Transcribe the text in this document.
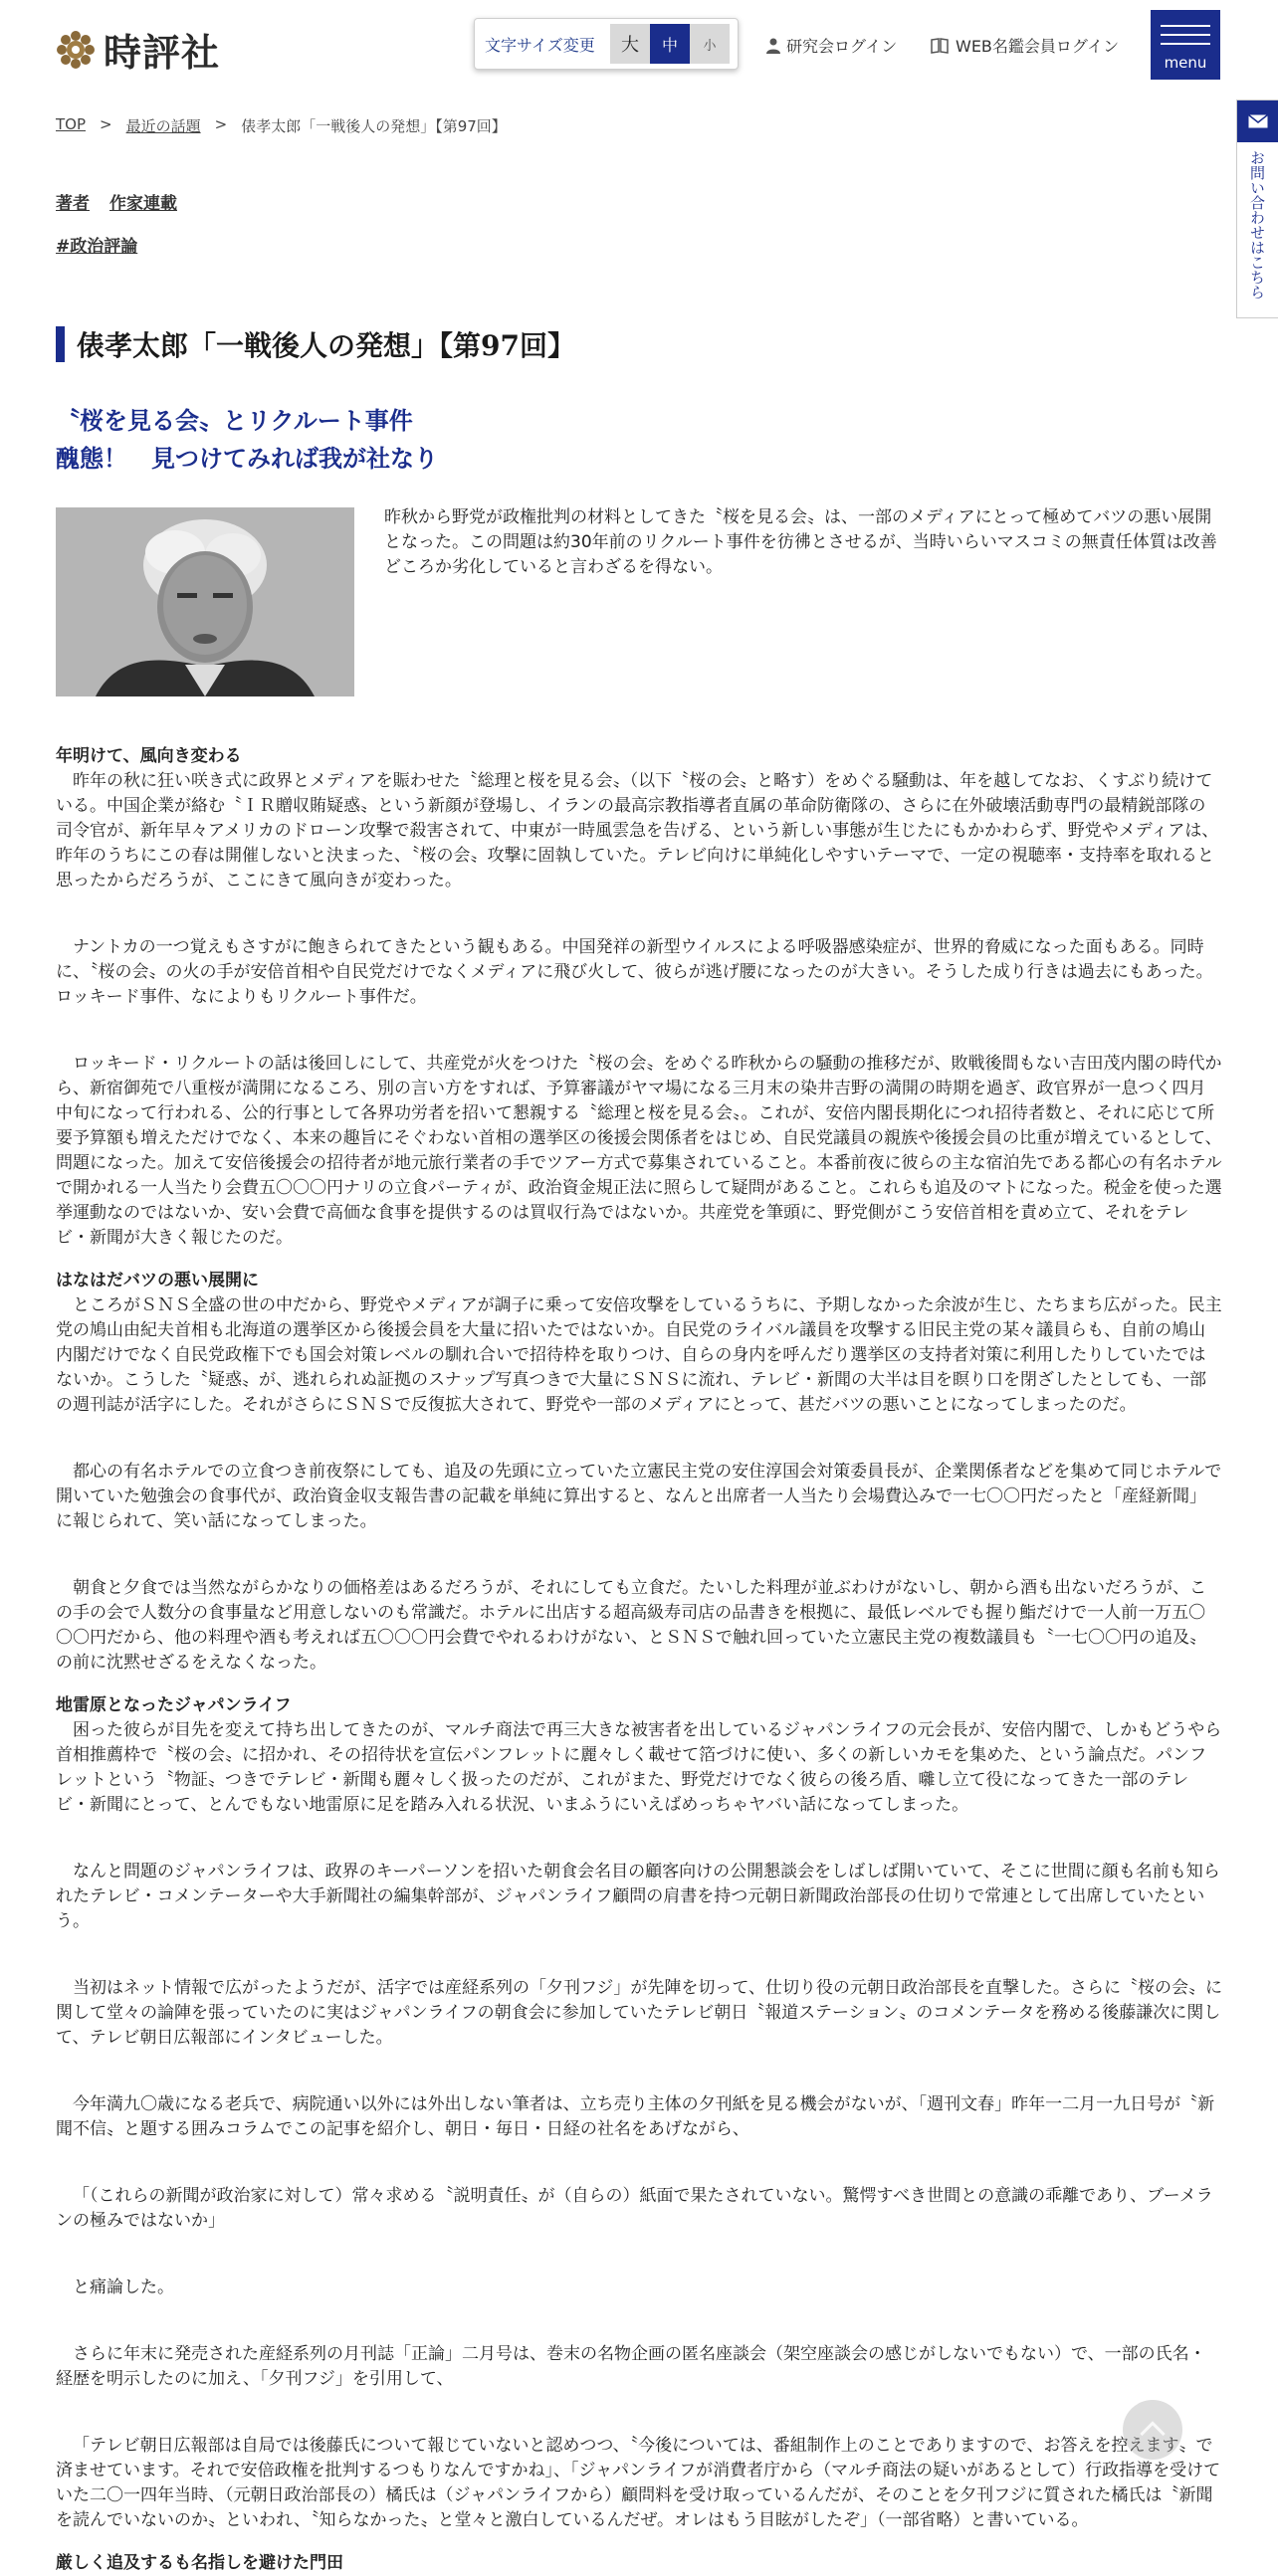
時評社	文字サイズ変更	大	中	小	研究会ログイン	WEB名鑑会員ログイン
menu
お問い合わせはこちら
TOP > 最近の話題 > 俵孝太郎「一戦後人の発想」【第97回】
著者 作家連載
#政治評論
俵孝太郎「一戦後人の発想」【第97回】
〝桜を見る会〟とリクルート事件
醜態！　見つけてみれば我が社なり

昨秋から野党が政権批判の材料としてきた〝桜を見る会〟は、一部のメディアにとって極めてバツの悪い展開となった。この問題は約30年前のリクルート事件を彷彿とさせるが、当時いらいマスコミの無責任体質は改善どころか劣化していると言わざるを得ない。

年明けて、風向き変わる

昨年の秋に狂い咲き式に政界とメディアを賑わせた〝総理と桜を見る会〟（以下〝桜の会〟と略す）をめぐる騒動は、年を越してなお、くすぶり続けている。中国企業が絡む〝ＩＲ贈収賄疑惑〟という新顔が登場し、イランの最高宗教指導者直属の革命防衛隊の、さらに在外破壊活動専門の最精鋭部隊の司令官が、新年早々アメリカのドローン攻撃で殺害されて、中東が一時風雲急を告げる、という新しい事態が生じたにもかかわらず、野党やメディアは、昨年のうちにこの春は開催しないと決まった、〝桜の会〟攻撃に固執していた。テレビ向けに単純化しやすいテーマで、一定の視聴率・支持率を取れると思ったからだろうが、ここにきて風向きが変わった。

ナントカの一つ覚えもさすがに飽きられてきたという観もある。中国発祥の新型ウイルスによる呼吸器感染症が、世界的脅威になった面もある。同時に、〝桜の会〟の火の手が安倍首相や自民党だけでなくメディアに飛び火して、彼らが逃げ腰になったのが大きい。そうした成り行きは過去にもあった。ロッキード事件、なによりもリクルート事件だ。

ロッキード・リクルートの話は後回しにして、共産党が火をつけた〝桜の会〟をめぐる昨秋からの騒動の推移だが、敗戦後間もない吉田茂内閣の時代から、新宿御苑で八重桜が満開になるころ、別の言い方をすれば、予算審議がヤマ場になる三月末の染井吉野の満開の時期を過ぎ、政官界が一息つく四月中旬になって行われる、公的行事として各界功労者を招いて懇親する〝総理と桜を見る会〟。これが、安倍内閣長期化につれ招待者数と、それに応じて所要予算額も増えただけでなく、本来の趣旨にそぐわない首相の選挙区の後援会関係者をはじめ、自民党議員の親族や後援会員の比重が増えているとして、問題になった。加えて安倍後援会の招待者が地元旅行業者の手でツアー方式で募集されていること。本番前夜に彼らの主な宿泊先である都心の有名ホテルで開かれる一人当たり会費五〇〇〇円ナリの立食パーティが、政治資金規正法に照らして疑問があること。これらも追及のマトになった。税金を使った選挙運動なのではないか、安い会費で高価な食事を提供するのは買収行為ではないか。共産党を筆頭に、野党側がこう安倍首相を責め立て、それをテレビ・新聞が大きく報じたのだ。

はなはだバツの悪い展開に

ところがＳＮＳ全盛の世の中だから、野党やメディアが調子に乗って安倍攻撃をしているうちに、予期しなかった余波が生じ、たちまち広がった。民主党の鳩山由紀夫首相も北海道の選挙区から後援会員を大量に招いたではないか。自民党のライバル議員を攻撃する旧民主党の某々議員らも、自前の鳩山内閣だけでなく自民党政権下でも国会対策レベルの馴れ合いで招待枠を取りつけ、自らの身内を呼んだり選挙区の支持者対策に利用したりしていたではないか。こうした〝疑惑〟が、逃れられぬ証拠のスナップ写真つきで大量にＳＮＳに流れ、テレビ・新聞の大半は目を瞑り口を閉ざしたとしても、一部の週刊誌が活字にした。それがさらにＳＮＳで反復拡大されて、野党や一部のメディアにとって、甚だバツの悪いことになってしまったのだ。

都心の有名ホテルでの立食つき前夜祭にしても、追及の先頭に立っていた立憲民主党の安住淳国会対策委員長が、企業関係者などを集めて同じホテルで開いていた勉強会の食事代が、政治資金収支報告書の記載を単純に算出すると、なんと出席者一人当たり会場費込みで一七〇〇円だったと「産経新聞」に報じられて、笑い話になってしまった。

朝食と夕食では当然ながらかなりの価格差はあるだろうが、それにしても立食だ。たいした料理が並ぶわけがないし、朝から酒も出ないだろうが、この手の会で人数分の食事量など用意しないのも常識だ。ホテルに出店する超高級寿司店の品書きを根拠に、最低レベルでも握り鮨だけで一人前一万五〇〇〇円だから、他の料理や酒も考えれば五〇〇〇円会費でやれるわけがない、とＳＮＳで触れ回っていた立憲民主党の複数議員も〝一七〇〇円の追及〟の前に沈黙せざるをえなくなった。

地雷原となったジャパンライフ

困った彼らが目先を変えて持ち出してきたのが、マルチ商法で再三大きな被害者を出しているジャパンライフの元会長が、安倍内閣で、しかもどうやら首相推薦枠で〝桜の会〟に招かれ、その招待状を宣伝パンフレットに麗々しく載せて箔づけに使い、多くの新しいカモを集めた、という論点だ。パンフレットという〝物証〟つきでテレビ・新聞も麗々しく扱ったのだが、これがまた、野党だけでなく彼らの後ろ盾、囃し立て役になってきた一部のテレビ・新聞にとって、とんでもない地雷原に足を踏み入れる状況、いまふうにいえばめっちゃヤバい話になってしまった。

なんと問題のジャパンライフは、政界のキーパーソンを招いた朝食会名目の顧客向けの公開懇談会をしばしば開いていて、そこに世間に顔も名前も知られたテレビ・コメンテーターや大手新聞社の編集幹部が、ジャパンライフ顧問の肩書を持つ元朝日新聞政治部長の仕切りで常連として出席していたという。

当初はネット情報で広がったようだが、活字では産経系列の「夕刊フジ」が先陣を切って、仕切り役の元朝日政治部長を直撃した。さらに〝桜の会〟に関して堂々の論陣を張っていたのに実はジャパンライフの朝食会に参加していたテレビ朝日〝報道ステーション〟のコメンテータを務める後藤謙次に関して、テレビ朝日広報部にインタビューした。

今年満九〇歳になる老兵で、病院通い以外には外出しない筆者は、立ち売り主体の夕刊紙を見る機会がないが、「週刊文春」昨年一二月一九日号が〝新聞不信〟と題する囲みコラムでこの記事を紹介し、朝日・毎日・日経の社名をあげながら、

「（これらの新聞が政治家に対して）常々求める〝説明責任〟が（自らの）紙面で果たされていない。驚愕すべき世間との意識の乖離であり、ブーメランの極みではないか」

と痛論した。

さらに年末に発売された産経系列の月刊誌「正論」二月号は、巻末の名物企画の匿名座談会（架空座談会の感じがしないでもない）で、一部の氏名・経歴を明示したのに加え、「夕刊フジ」を引用して、

「テレビ朝日広報部は自局では後藤氏について報じていないと認めつつ、〝今後については、番組制作上のことでありますので、お答えを控えます〟で済ませています。それで安倍政権を批判するつもりなんですかね」、「ジャパンライフが消費者庁から（マルチ商法の疑いがあるとして）行政指導を受けていた二〇一四年当時、（元朝日政治部長の）橘氏は（ジャパンライフから）顧問料を受け取っているんだが、そのことを夕刊フジに質された橘氏は〝新聞を読んでいないのか〟といわれ、〝知らなかった〟と堂々と激白しているんだぜ。オレはもう目眩がしたぞ」（一部省略）と書いている。

厳しく追及するも名指しを避けた門田
